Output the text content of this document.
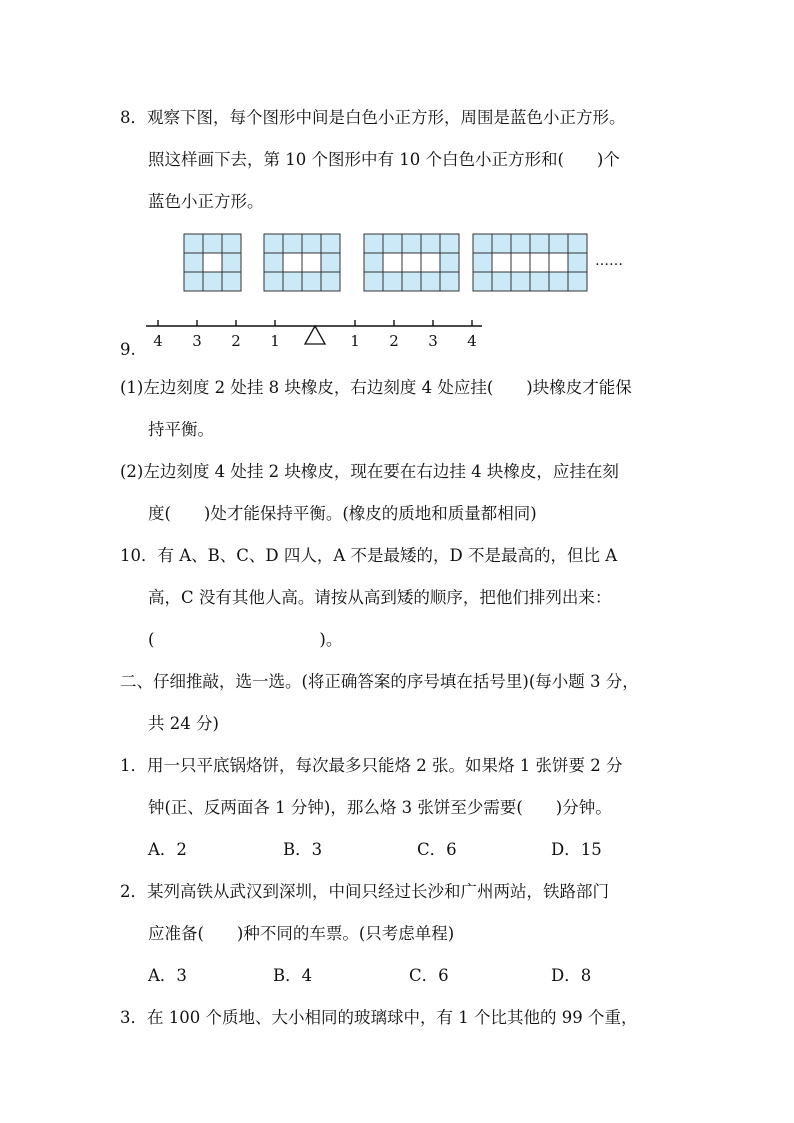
8．观察下图，每个图形中间是白色小正方形，周围是蓝色小正方形。
照这样画下去，第 10 个图形中有 10 个白色小正方形和(　　)个
蓝色小正方形。
……
9. 4 3 2 1	1 2 3 4
(1)左边刻度 2 处挂 8 块橡皮，右边刻度 4 处应挂(　　)块橡皮才能保
持平衡。
(2)左边刻度 4 处挂 2 块橡皮，现在要在右边挂 4 块橡皮，应挂在刻
度(　　)处才能保持平衡。(橡皮的质地和质量都相同)
10．有 A、B、C、D 四人，A 不是最矮的，D 不是最高的，但比 A
高，C 没有其他人高。请按从高到矮的顺序，把他们排列出来：
(　　　　　　　　　　)。
二、仔细推敲，选一选。(将正确答案的序号填在括号里)(每小题 3 分，
共 24 分)
1．用一只平底锅烙饼，每次最多只能烙 2 张。如果烙 1 张饼要 2 分
钟(正、反两面各 1 分钟)，那么烙 3 张饼至少需要(　　)分钟。
A．2	B．3	C．6	D．15
2．某列高铁从武汉到深圳，中间只经过长沙和广州两站，铁路部门
应准备(　　)种不同的车票。(只考虑单程)
A．3	B．4	C．6	D．8
3．在 100 个质地、大小相同的玻璃球中，有 1 个比其他的 99 个重，
